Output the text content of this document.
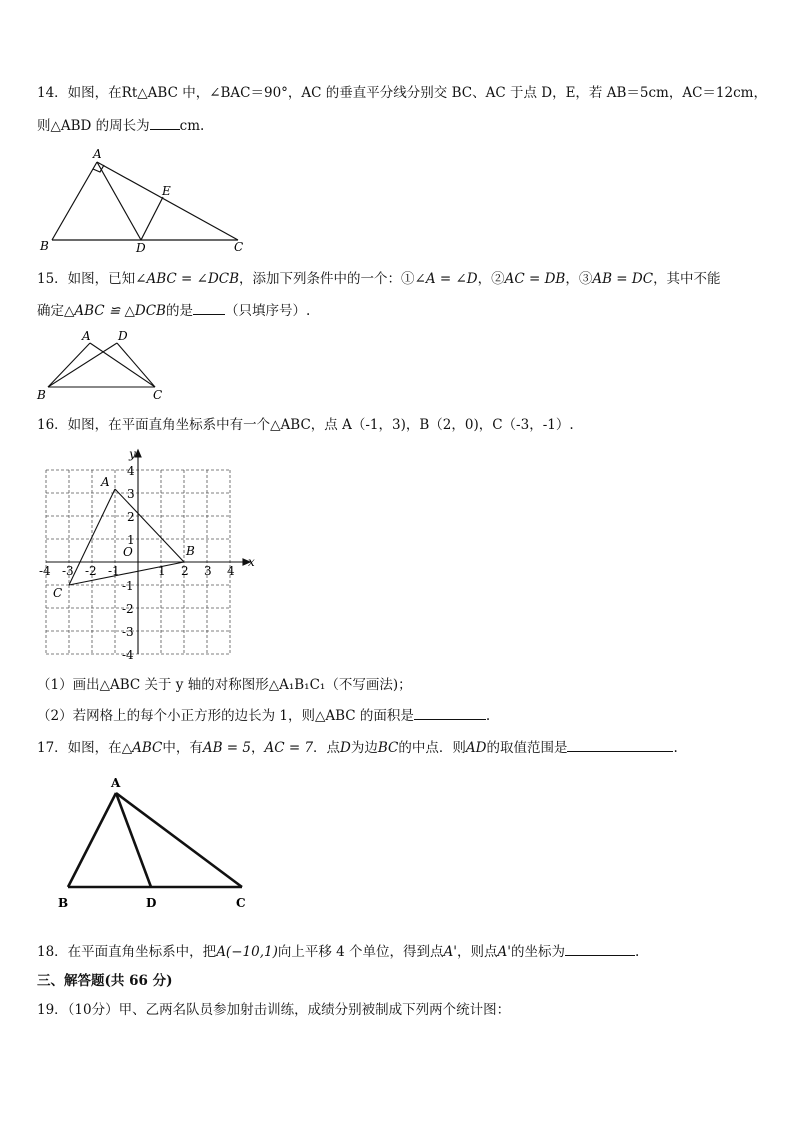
14．如图，在Rt△ABC 中，∠BAC＝90°，AC 的垂直平分线分别交 BC、AC 于点 D，E，若 AB＝5cm，AC＝12cm，
则△ABD 的周长为 cm.
A
B	C
D
E
15．如图，已知∠ABC = ∠DCB，添加下列条件中的一个：①∠A = ∠D，②AC = DB，③AB = DC，其中不能
确定△ABC ≌ △DCB的是 （只填序号）.
A D
B	C
16．如图，在平面直角坐标系中有一个△ABC，点 A（-1，3)，B（2，0)，C（-3，-1）.
x
y
O
-4 -3 -2 -1	1 2 3 4
4
3
2
1
-1
-2
-3
-4
A
B
C
（1）画出△ABC 关于 y 轴的对称图形△A₁B₁C₁（不写画法)；
（2）若网格上的每个小正方形的边长为 1，则△ABC 的面积是	.
17．如图，在△ABC中，有AB = 5，AC = 7．点D为边BC的中点．则AD的取值范围是	.
A
B	D	C
18．在平面直角坐标系中，把A(−10,1)向上平移 4 个单位，得到点A'，则点A'的坐标为	.
三、解答题(共 66 分)
19．（10分）甲、乙两名队员参加射击训练，成绩分别被制成下列两个统计图：
